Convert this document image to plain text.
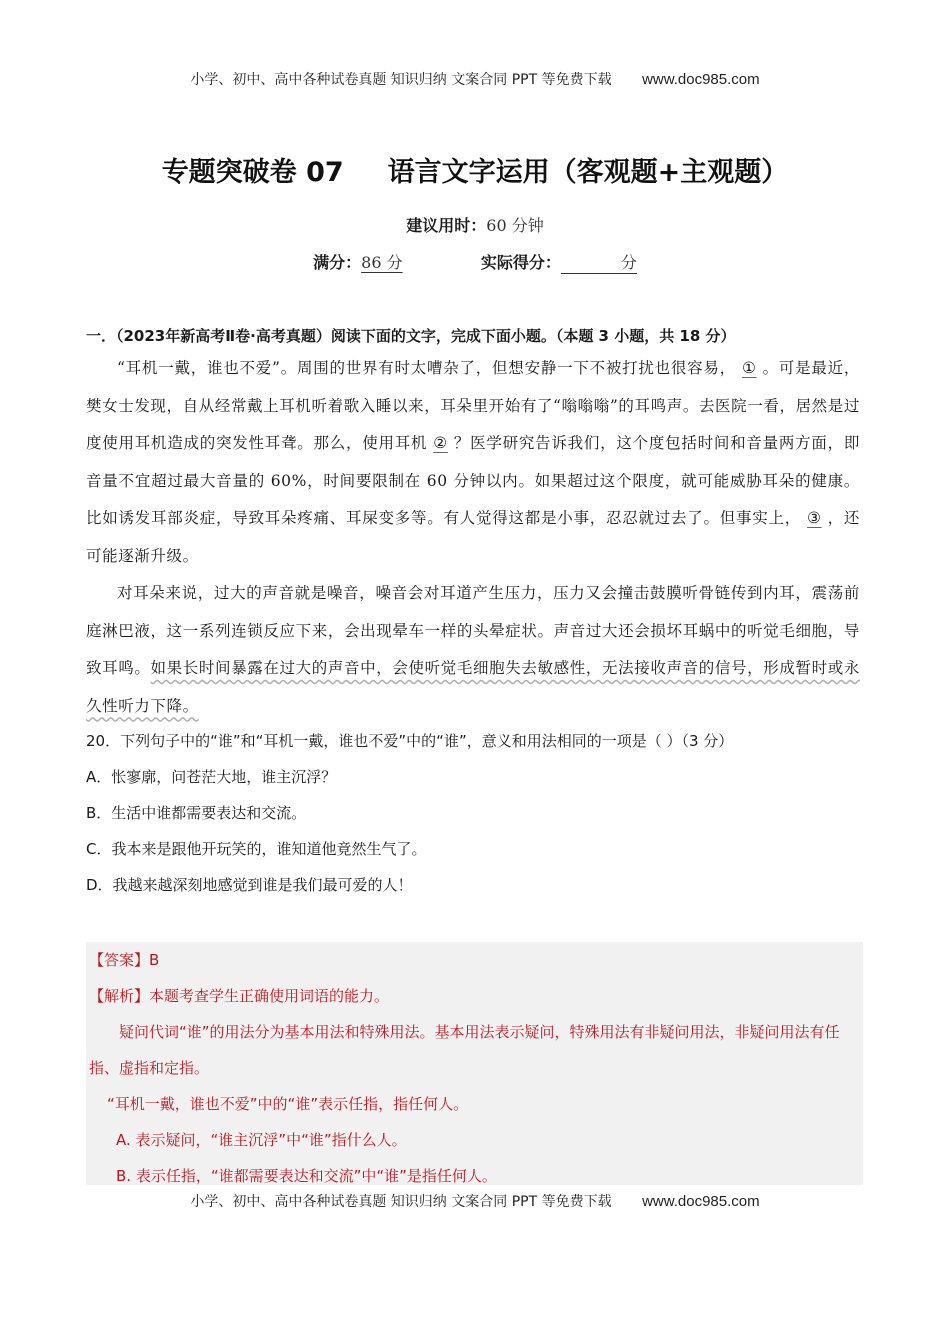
小学、初中、高中各种试卷真题 知识归纳 文案合同 PPT 等免费下载 www.doc985.com
专题突破卷 07 语言文字运用（客观题+主观题）
建议用时：60 分钟
满分：86 分	实际得分：	分
一．（2023年新高考Ⅱ卷·高考真题）阅读下面的文字，完成下面小题。（本题 3 小题，共 18 分）

“耳机一戴，谁也不爱”。周围的世界有时太嘈杂了，但想安静一下不被打扰也很容易， ① 。可是最近，樊女士发现，自从经常戴上耳机听着歌入睡以来，耳朵里开始有了“嗡嗡嗡”的耳鸣声。去医院一看，居然是过度使用耳机造成的突发性耳聋。那么，使用耳机 ② ？医学研究告诉我们，这个度包括时间和音量两方面，即音量不宜超过最大音量的 60%，时间要限制在 60 分钟以内。如果超过这个限度，就可能威胁耳朵的健康。比如诱发耳部炎症，导致耳朵疼痛、耳屎变多等。有人觉得这都是小事，忍忍就过去了。但事实上， ③ ，还可能逐渐升级。

对耳朵来说，过大的声音就是噪音，噪音会对耳道产生压力，压力又会撞击鼓膜听骨链传到内耳，震荡前庭淋巴液，这一系列连锁反应下来，会出现晕车一样的头晕症状。声音过大还会损坏耳蜗中的听觉毛细胞，导致耳鸣。如果长时间暴露在过大的声音中，会使听觉毛细胞失去敏感性，无法接收声音的信号，形成暂时或永久性听力下降。

20．下列句子中的“谁”和“耳机一戴，谁也不爱”中的“谁”，意义和用法相同的一项是（ ）（3 分）
A．怅寥廓，问苍茫大地，谁主沉浮？
B．生活中谁都需要表达和交流。
C．我本来是跟他开玩笑的，谁知道他竟然生气了。
D．我越来越深刻地感觉到谁是我们最可爱的人！
【答案】B
【解析】本题考查学生正确使用词语的能力。
疑问代词“谁”的用法分为基本用法和特殊用法。基本用法表示疑问，特殊用法有非疑问用法，非疑问用法有任指、虚指和定指。
“耳机一戴，谁也不爱”中的“谁”表示任指，指任何人。
A. 表示疑问，“谁主沉浮”中“谁”指什么人。
B. 表示任指，“谁都需要表达和交流”中“谁”是指任何人。
小学、初中、高中各种试卷真题 知识归纳 文案合同 PPT 等免费下载 www.doc985.com
